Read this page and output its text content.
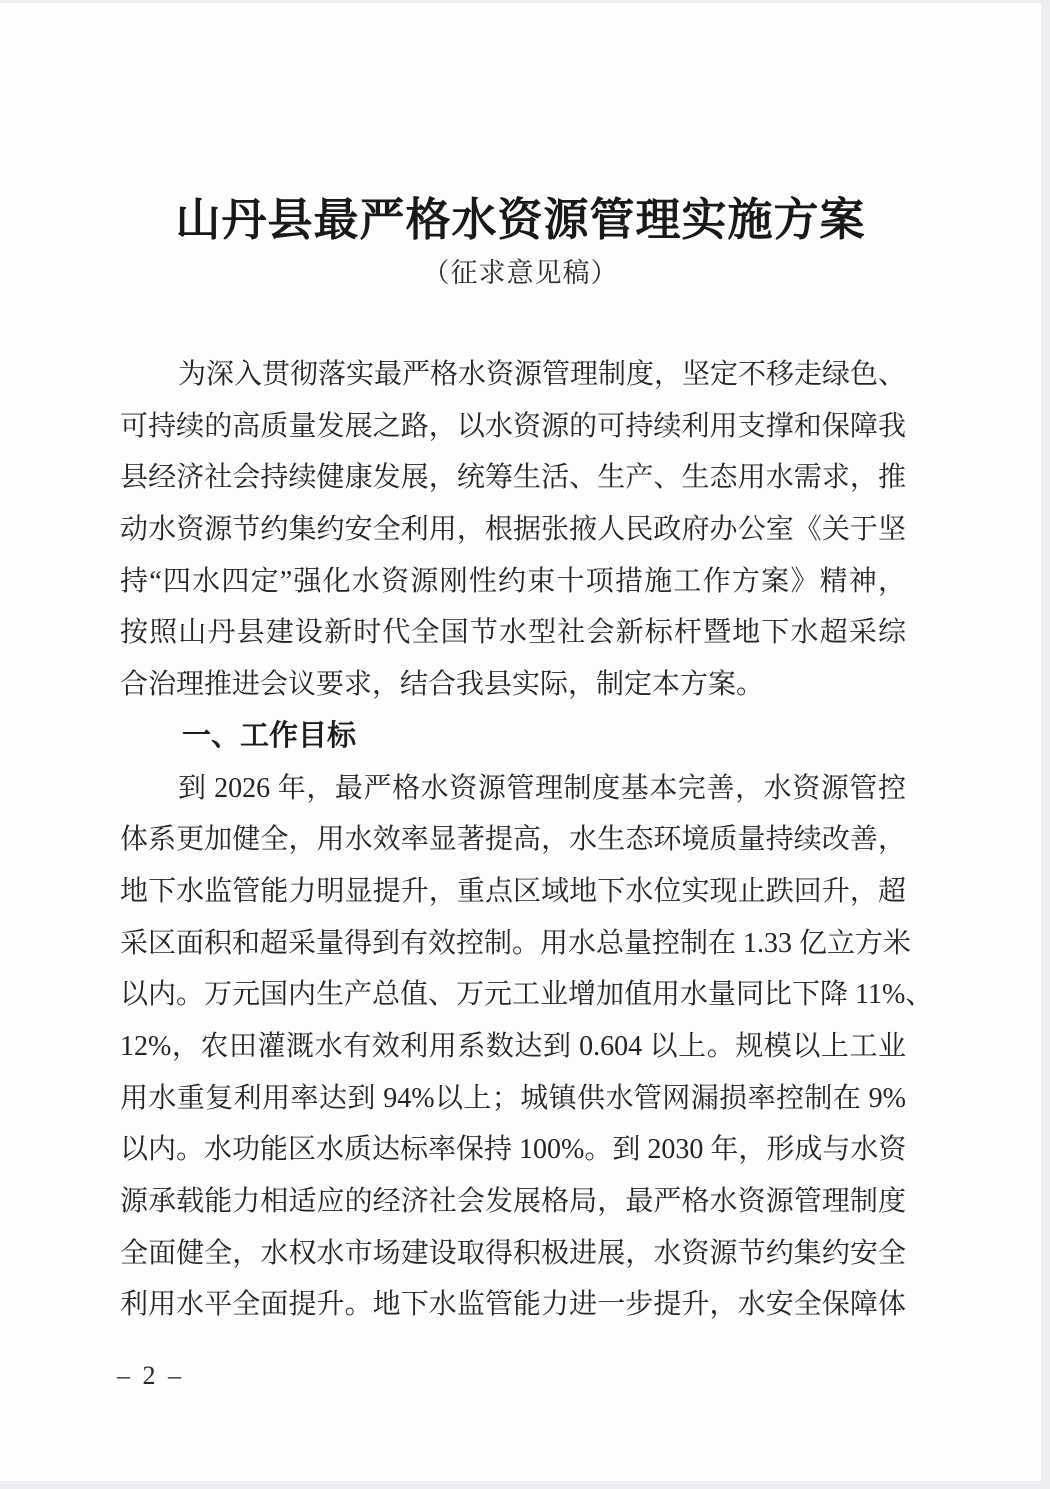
山丹县最严格水资源管理实施方案
（征求意见稿）
为深入贯彻落实最严格水资源管理制度，坚定不移走绿色、
可持续的高质量发展之路，以水资源的可持续利用支撑和保障我
县经济社会持续健康发展，统筹生活、生产、生态用水需求，推
动水资源节约集约安全利用，根据张掖人民政府办公室《关于坚
持“四水四定”强化水资源刚性约束十项措施工作方案》精神，
按照山丹县建设新时代全国节水型社会新标杆暨地下水超采综
合治理推进会议要求，结合我县实际，制定本方案。
一、工作目标
到 2026 年，最严格水资源管理制度基本完善，水资源管控
体系更加健全，用水效率显著提高，水生态环境质量持续改善，
地下水监管能力明显提升，重点区域地下水位实现止跌回升，超
采区面积和超采量得到有效控制。用水总量控制在 1.33 亿立方米
以内。万元国内生产总值、万元工业增加值用水量同比下降 11%、
12%，农田灌溉水有效利用系数达到 0.604 以上。规模以上工业
用水重复利用率达到 94%以上；城镇供水管网漏损率控制在 9%
以内。水功能区水质达标率保持 100%。到 2030 年，形成与水资
源承载能力相适应的经济社会发展格局，最严格水资源管理制度
全面健全，水权水市场建设取得积极进展，水资源节约集约安全
利用水平全面提升。地下水监管能力进一步提升，水安全保障体
– 2 –
